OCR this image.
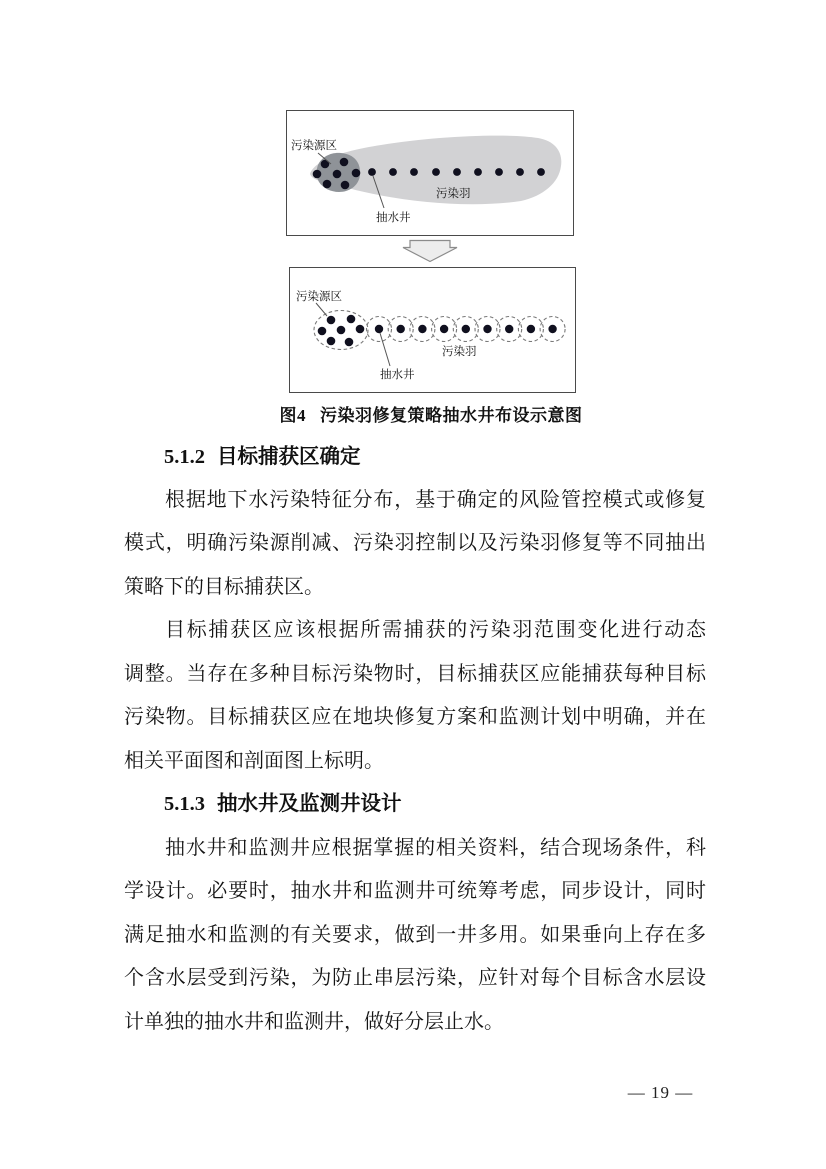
污染源区
污染羽
抽水井
污染源区
污染羽
抽水井
图4 污染羽修复策略抽水井布设示意图
5.1.2 目标捕获区确定
根据地下水污染特征分布，基于确定的风险管控模式或修复
模式，明确污染源削减、污染羽控制以及污染羽修复等不同抽出
策略下的目标捕获区。
目标捕获区应该根据所需捕获的污染羽范围变化进行动态
调整。当存在多种目标污染物时，目标捕获区应能捕获每种目标
污染物。目标捕获区应在地块修复方案和监测计划中明确，并在
相关平面图和剖面图上标明。
5.1.3 抽水井及监测井设计
抽水井和监测井应根据掌握的相关资料，结合现场条件，科
学设计。必要时，抽水井和监测井可统筹考虑，同步设计，同时
满足抽水和监测的有关要求，做到一井多用。如果垂向上存在多
个含水层受到污染，为防止串层污染，应针对每个目标含水层设
计单独的抽水井和监测井，做好分层止水。
— 19 —
